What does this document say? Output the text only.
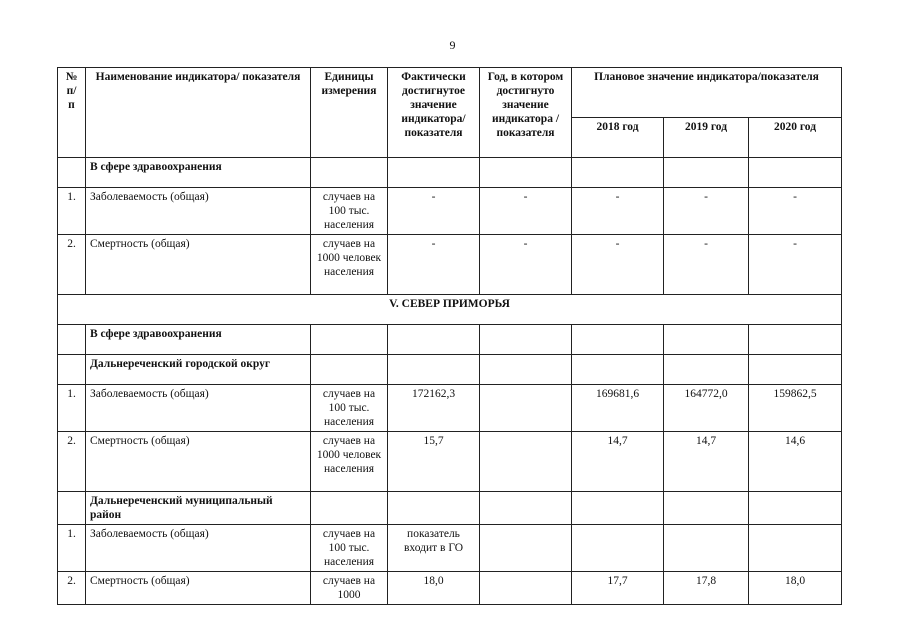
9
№ п/ п	Наименование индикатора/ показателя	Единицы измерения	Фактически достигнутое значение индикатора/ показателя	Год, в котором достигнуто значение индикатора /показателя	Плановое значение индикатора/показателя		
					2018 год	2019 год	2020 год
	В сфере здравоохранения						
1.	Заболеваемость (общая)	случаев на 100 тыс. населения	-	-	-	-	-
2.	Смертность (общая)	случаев на 1000 человек населения	-	-	-	-	-
V. СЕВЕР ПРИМОРЬЯ							
	В сфере здравоохранения						
	Дальнереченский городской округ						
1.	Заболеваемость (общая)	случаев на 100 тыс. населения	172162,3		169681,6	164772,0	159862,5
2.	Смертность (общая)	случаев на 1000 человек населения	15,7		14,7	14,7	14,6
	Дальнереченский муниципальный район						
1.	Заболеваемость (общая)	случаев на 100 тыс. населения	показатель входит в ГО				
2.	Смертность (общая)	случаев на 1000	18,0		17,7	17,8	18,0
